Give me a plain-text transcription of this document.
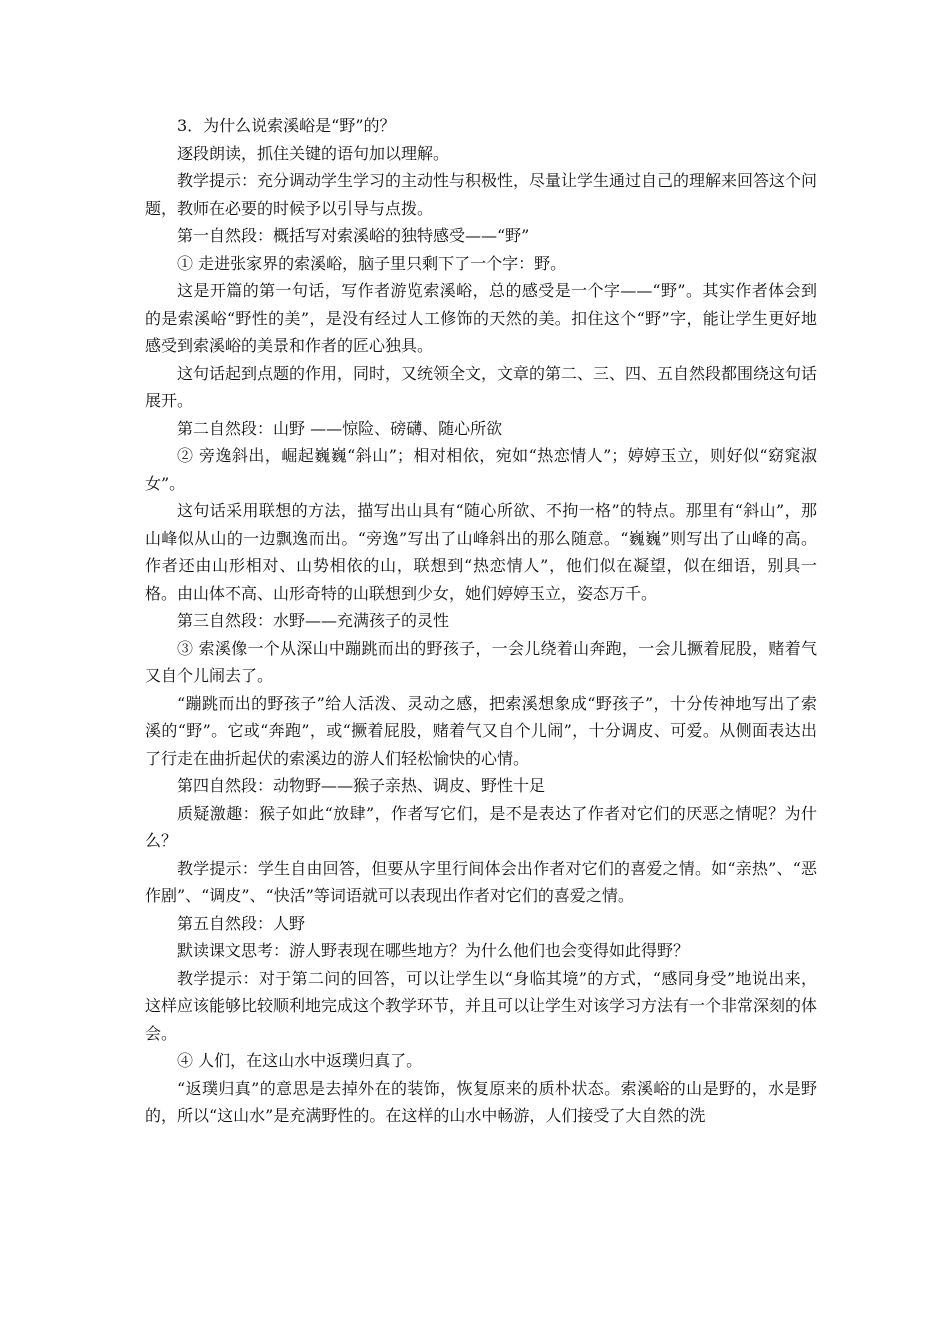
3．为什么说索溪峪是“野”的？

逐段朗读，抓住关键的语句加以理解。

教学提示：充分调动学生学习的主动性与积极性，尽量让学生通过自己的理解来回答这个问题，教师在必要的时候予以引导与点拨。

第一自然段：概括写对索溪峪的独特感受——“野”

① 走进张家界的索溪峪，脑子里只剩下了一个字：野。

这是开篇的第一句话，写作者游览索溪峪，总的感受是一个字——“野”。其实作者体会到的是索溪峪“野性的美”，是没有经过人工修饰的天然的美。扣住这个“野”字，能让学生更好地感受到索溪峪的美景和作者的匠心独具。

这句话起到点题的作用，同时，又统领全文，文章的第二、三、四、五自然段都围绕这句话展开。

第二自然段：山野 ——惊险、磅礴、随心所欲

② 旁逸斜出，崛起巍巍“斜山”；相对相依，宛如“热恋情人”；婷婷玉立，则好似“窈窕淑女”。

这句话采用联想的方法，描写出山具有“随心所欲、不拘一格”的特点。那里有“斜山”，那山峰似从山的一边飘逸而出。“旁逸”写出了山峰斜出的那么随意。“巍巍”则写出了山峰的高。作者还由山形相对、山势相依的山，联想到“热恋情人”，他们似在凝望，似在细语，别具一格。由山体不高、山形奇特的山联想到少女，她们婷婷玉立，姿态万千。

第三自然段：水野——充满孩子的灵性

③ 索溪像一个从深山中蹦跳而出的野孩子，一会儿绕着山奔跑，一会儿撅着屁股，赌着气又自个儿闹去了。

“蹦跳而出的野孩子”给人活泼、灵动之感，把索溪想象成“野孩子”，十分传神地写出了索溪的“野”。它或“奔跑”，或“撅着屁股，赌着气又自个儿闹”，十分调皮、可爱。从侧面表达出了行走在曲折起伏的索溪边的游人们轻松愉快的心情。

第四自然段：动物野——猴子亲热、调皮、野性十足

质疑激趣：猴子如此“放肆”，作者写它们，是不是表达了作者对它们的厌恶之情呢？为什么？

教学提示：学生自由回答，但要从字里行间体会出作者对它们的喜爱之情。如“亲热”、“恶作剧”、“调皮”、“快活”等词语就可以表现出作者对它们的喜爱之情。

第五自然段：人野

默读课文思考：游人野表现在哪些地方？为什么他们也会变得如此得野？

教学提示：对于第二问的回答，可以让学生以“身临其境”的方式，“感同身受”地说出来，这样应该能够比较顺利地完成这个教学环节，并且可以让学生对该学习方法有一个非常深刻的体会。

④ 人们，在这山水中返璞归真了。

“返璞归真”的意思是去掉外在的装饰，恢复原来的质朴状态。索溪峪的山是野的，水是野的，所以“这山水”是充满野性的。在这样的山水中畅游，人们接受了大自然的洗
